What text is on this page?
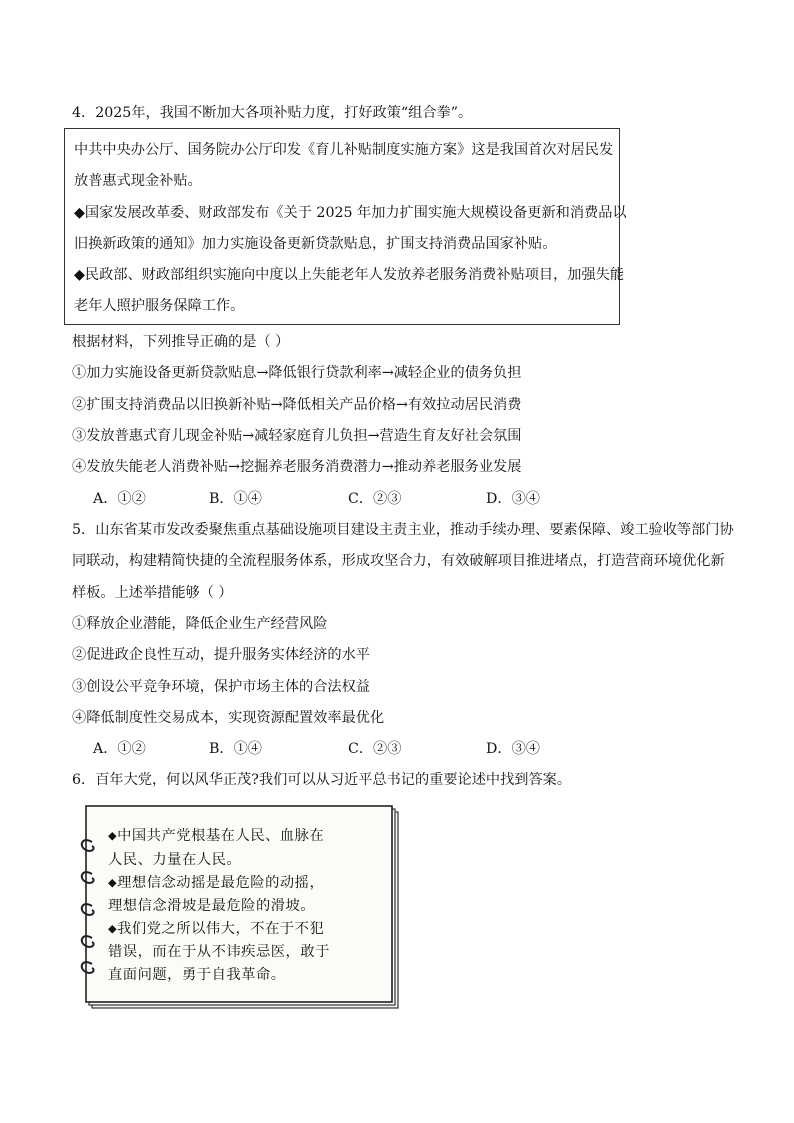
4．2025年，我国不断加大各项补贴力度，打好政策“组合拳”。
中共中央办公厅、国务院办公厅印发《育儿补贴制度实施方案》这是我国首次对居民发
放普惠式现金补贴。
◆国家发展改革委、财政部发布《关于 2025 年加力扩围实施大规模设备更新和消费品以
旧换新政策的通知》加力实施设备更新贷款贴息，扩围支持消费品国家补贴。
◆民政部、财政部组织实施向中度以上失能老年人发放养老服务消费补贴项目，加强失能
老年人照护服务保障工作。
根据材料，下列推导正确的是（ ）
①加力实施设备更新贷款贴息→降低银行贷款利率→减轻企业的债务负担
②扩围支持消费品以旧换新补贴→降低相关产品价格→有效拉动居民消费
③发放普惠式育儿现金补贴→减轻家庭育儿负担→营造生育友好社会氛围
④发放失能老人消费补贴→挖掘养老服务消费潜力→推动养老服务业发展
A．①②	B．①④	C．②③	D．③④
5．山东省某市发改委聚焦重点基础设施项目建设主责主业，推动手续办理、要素保障、竣工验收等部门协
同联动，构建精简快捷的全流程服务体系，形成攻坚合力，有效破解项目推进堵点，打造营商环境优化新
样板。上述举措能够（ ）
①释放企业潜能，降低企业生产经营风险
②促进政企良性互动，提升服务实体经济的水平
③创设公平竞争环境，保护市场主体的合法权益
④降低制度性交易成本，实现资源配置效率最优化
A．①②	B．①④	C．②③	D．③④
6．百年大党，何以风华正茂?我们可以从习近平总书记的重要论述中找到答案。
◆中国共产党根基在人民、血脉在
人民、力量在人民。
◆理想信念动摇是最危险的动摇，
理想信念滑坡是最危险的滑坡。
◆我们党之所以伟大，不在于不犯
错误，而在于从不讳疾忌医，敢于
直面问题，勇于自我革命。
